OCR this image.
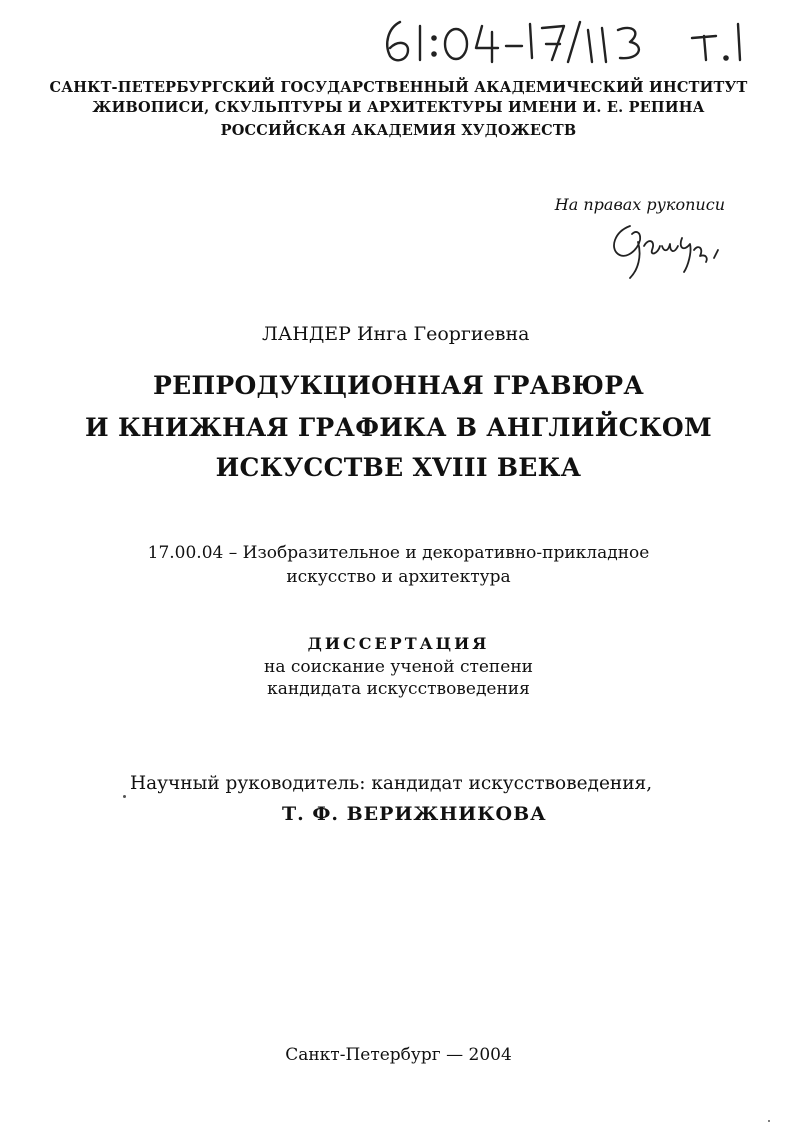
САНКТ-ПЕТЕРБУРГСКИЙ ГОСУДАРСТВЕННЫЙ АКАДЕМИЧЕСКИЙ ИНСТИТУТ
ЖИВОПИСИ, СКУЛЬПТУРЫ И АРХИТЕКТУРЫ ИМЕНИ И. Е. РЕПИНА
РОССИЙСКАЯ АКАДЕМИЯ ХУДОЖЕСТВ
На правах рукописи
ЛАНДЕР Инга Георгиевна
РЕПРОДУКЦИОННАЯ ГРАВЮРА
И КНИЖНАЯ ГРАФИКА В АНГЛИЙСКОМ
ИСКУССТВЕ XVIII ВЕКА
17.00.04 – Изобразительное и декоративно-прикладное
искусство и архитектура
ДИССЕРТАЦИЯ
на соискание ученой степени
кандидата искусствоведения
Научный руководитель: кандидат искусствоведения,
Т. Ф. ВЕРИЖНИКОВА
Санкт-Петербург — 2004
